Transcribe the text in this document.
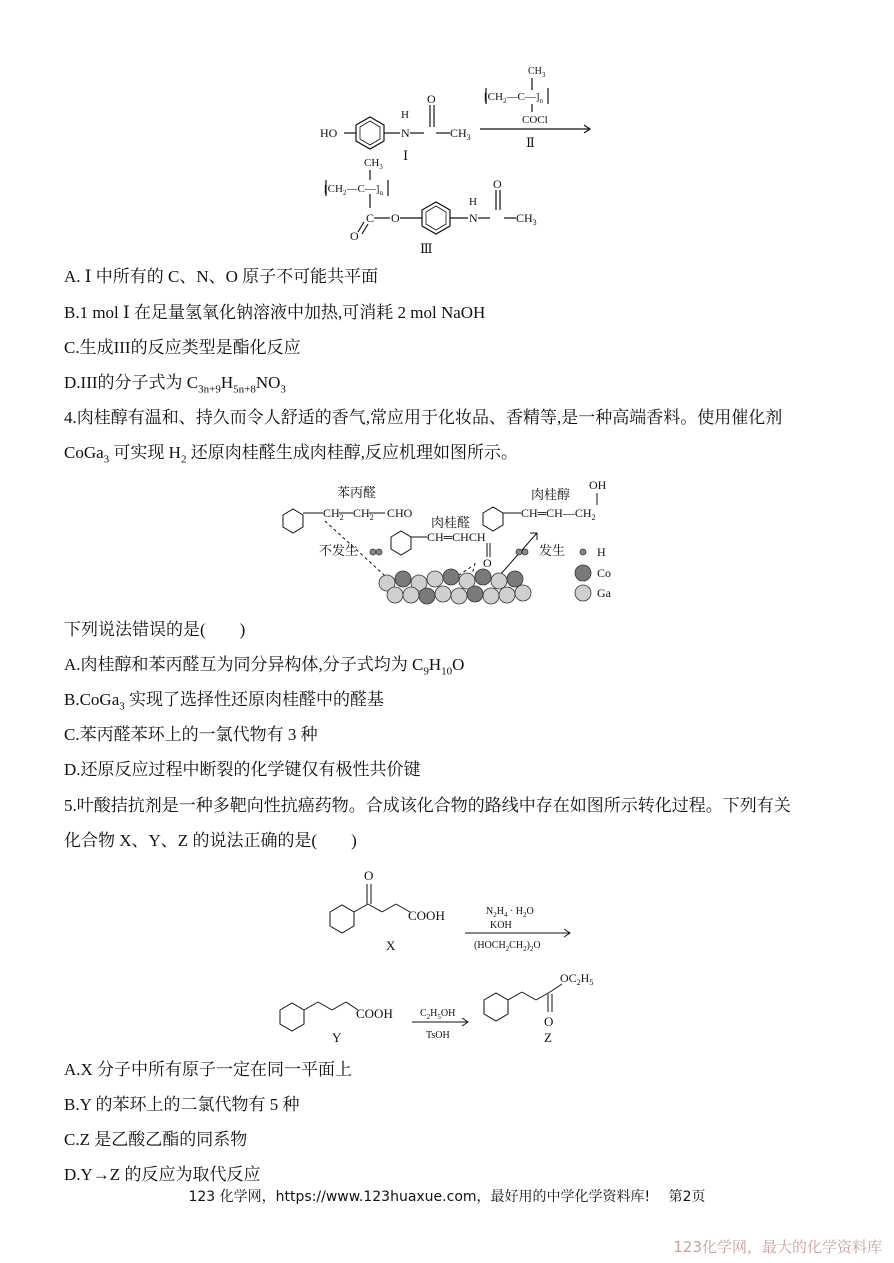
HO
H
N
O
$CH_3$
Ⅰ
$CH_3$
$[CH_2—C—]_n$
COCl
Ⅱ
$CH_3$
$[CH_2—C—]_n$
C O
O
H
N
O
$CH_3$
Ⅲ
A. Ⅰ 中所有的 C、N、O 原子不可能共平面
B.1 mol Ⅰ 在足量氢氧化钠溶液中加热,可消耗 2 mol NaOH
C.生成III的反应类型是酯化反应
D.III的分子式为 $C_{3n+9}H_{5n+8}NO_3$
4.肉桂醇有温和、持久而令人舒适的香气,常应用于化妆品、香精等,是一种高端香料。使用催化剂
CoGa$_3$ 可实现 $H_2$ 还原肉桂醛生成肉桂醇,反应机理如图所示。
苯丙醛
$CH_2$ $CH_2$ CHO
肉桂醛
CH═CHCH
O
肉桂醇
OH
$CH═CH—CH_2$
不发生	发生	H
Co
Ga
下列说法错误的是(　　)
A.肉桂醇和苯丙醛互为同分异构体,分子式均为 $C_9H_{10}O$
B.CoGa$_3$ 实现了选择性还原肉桂醛中的醛基
C.苯丙醛苯环上的一氯代物有 3 种
D.还原反应过程中断裂的化学键仅有极性共价键
5.叶酸拮抗剂是一种多靶向性抗癌药物。合成该化合物的路线中存在如图所示转化过程。下列有关
化合物 X、Y、Z 的说法正确的是(　　)
O
COOH
X
$N_2H_4 \cdot H_2O$
KOH
$(HOCH_2CH_2)_2O$
COOH
Y
$C_2H_5OH$
TsOH
$OC_2H_5$
O
Z
A.X 分子中所有原子一定在同一平面上
B.Y 的苯环上的二氯代物有 5 种
C.Z 是乙酸乙酯的同系物
D.Y→Z 的反应为取代反应
123 化学网，https://www.123huaxue.com，最好用的中学化学资料库!　 第2页
123化学网，最大的化学资料库
